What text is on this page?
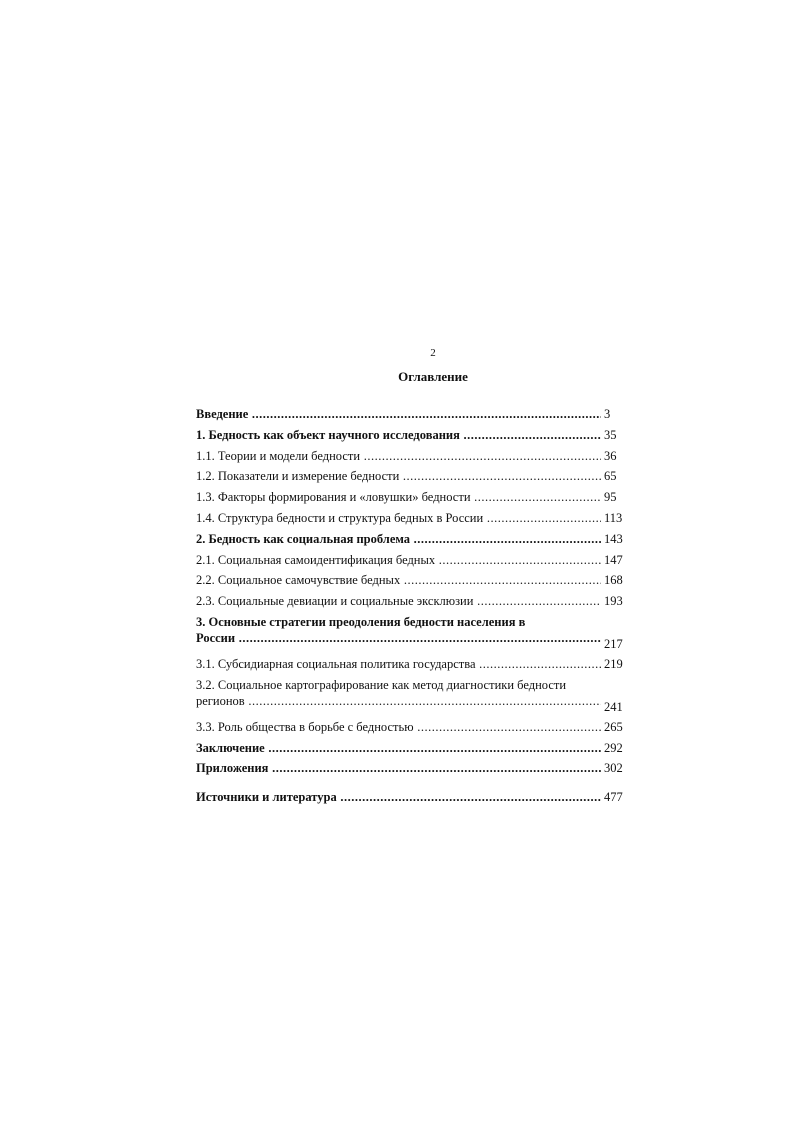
2
Оглавление
Введение .....	3
1. Бедность как объект научного исследования .....	35
1.1. Теории и модели бедности .....	36
1.2. Показатели и измерение бедности .....	65
1.3. Факторы формирования и «ловушки» бедности .....	95
1.4. Структура бедности и структура бедных в России .....	113
2. Бедность как социальная проблема .....	143
2.1. Социальная самоидентификация бедных .....	147
2.2. Социальное самочувствие бедных .....	168
2.3. Социальные девиации и социальные эксклюзии .....	193
3. Основные стратегии преодоления бедности населения в
России .....	217
3.1. Субсидиарная социальная политика государства .....	219
3.2. Социальное картографирование как метод диагностики бедности
регионов .....	241
3.3. Роль общества в борьбе с бедностью .....	265
Заключение .....	292
Приложения .....	302
Источники и литература .....	477
